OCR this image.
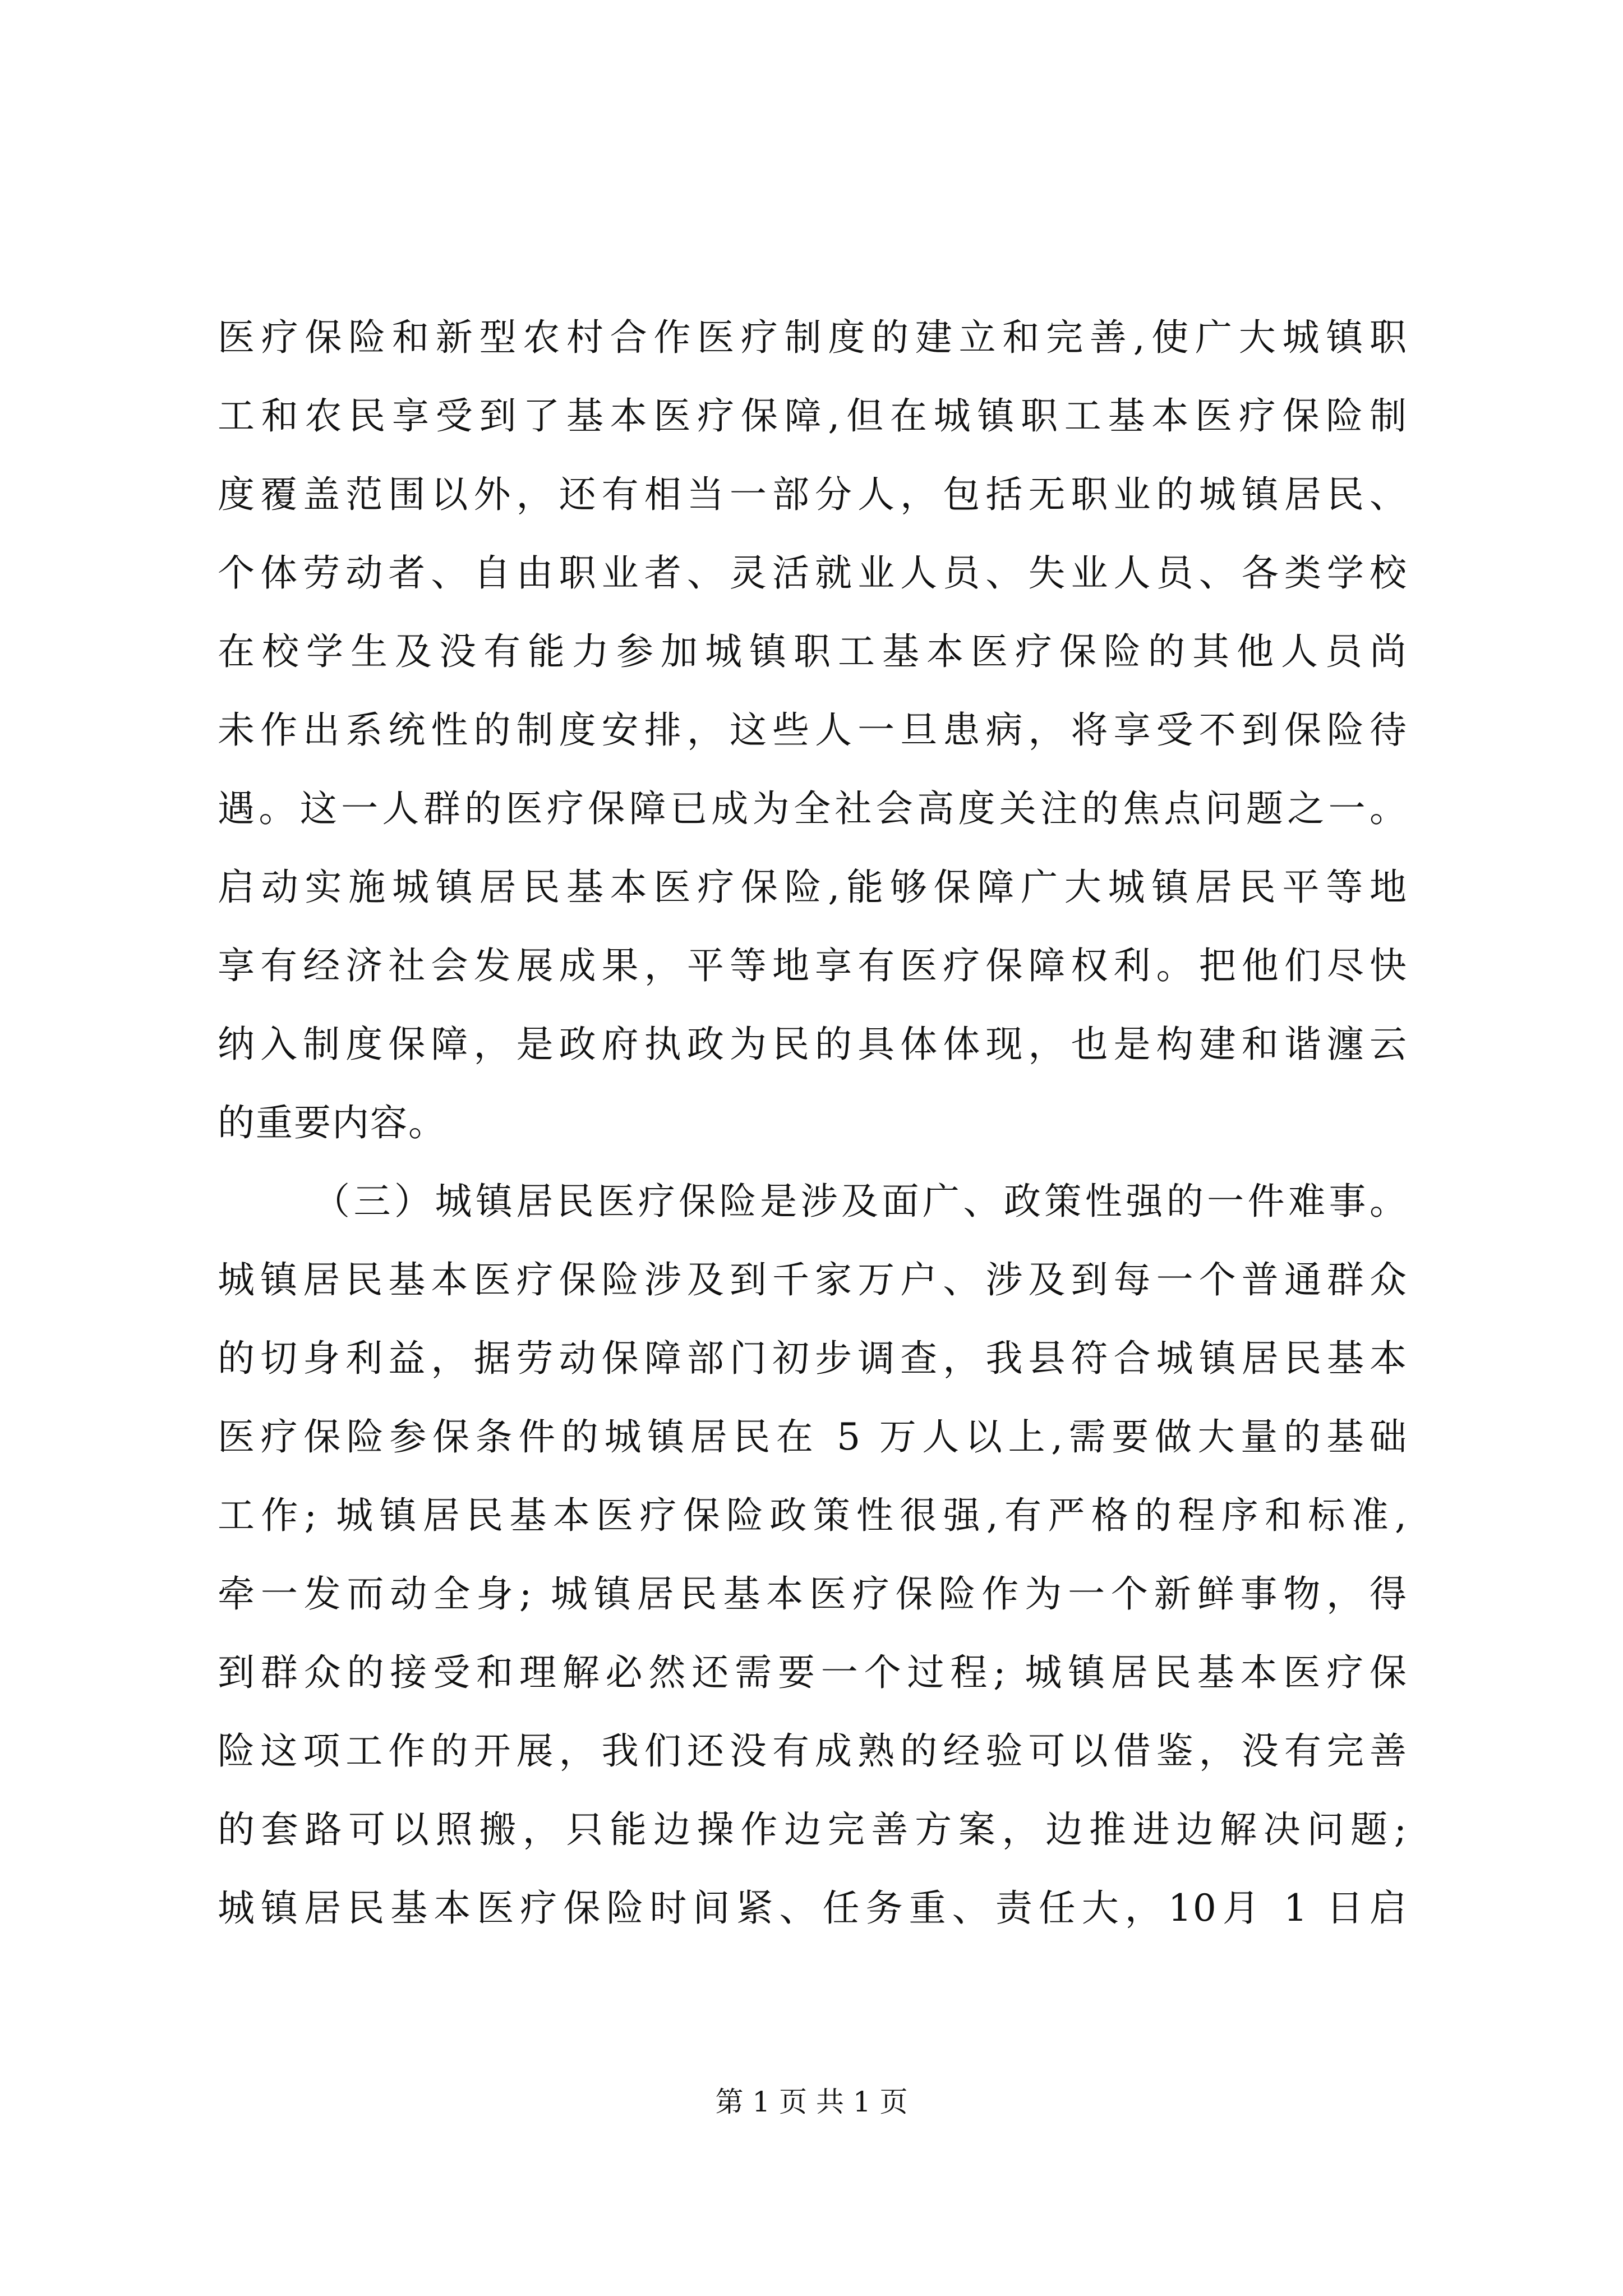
医疗保险和新型农村合作医疗制度的建立和完善,使广大城镇职
工和农民享受到了基本医疗保障,但在城镇职工基本医疗保险制
度覆盖范围以外，还有相当一部分人，包括无职业的城镇居民、
个体劳动者、自由职业者、灵活就业人员、失业人员、各类学校
在校学生及没有能力参加城镇职工基本医疗保险的其他人员尚
未作出系统性的制度安排，这些人一旦患病，将享受不到保险待
遇。这一人群的医疗保障已成为全社会高度关注的焦点问题之一。
启动实施城镇居民基本医疗保险,能够保障广大城镇居民平等地
享有经济社会发展成果，平等地享有医疗保障权利。把他们尽快
纳入制度保障，是政府执政为民的具体体现，也是构建和谐瀍云
的重要内容。
（三）城镇居民医疗保险是涉及面广、政策性强的一件难事。
城镇居民基本医疗保险涉及到千家万户、涉及到每一个普通群众
的切身利益，据劳动保障部门初步调查，我县符合城镇居民基本
医疗保险参保条件的城镇居民在 5 万人以上,需要做大量的基础
工作; 城镇居民基本医疗保险政策性很强,有严格的程序和标准,
牵一发而动全身; 城镇居民基本医疗保险作为一个新鲜事物，得
到群众的接受和理解必然还需要一个过程; 城镇居民基本医疗保
险这项工作的开展，我们还没有成熟的经验可以借鉴，没有完善
的套路可以照搬，只能边操作边完善方案，边推进边解决问题;
城镇居民基本医疗保险时间紧、任务重、责任大，10月 1 日启
第 1 页 共 1 页
